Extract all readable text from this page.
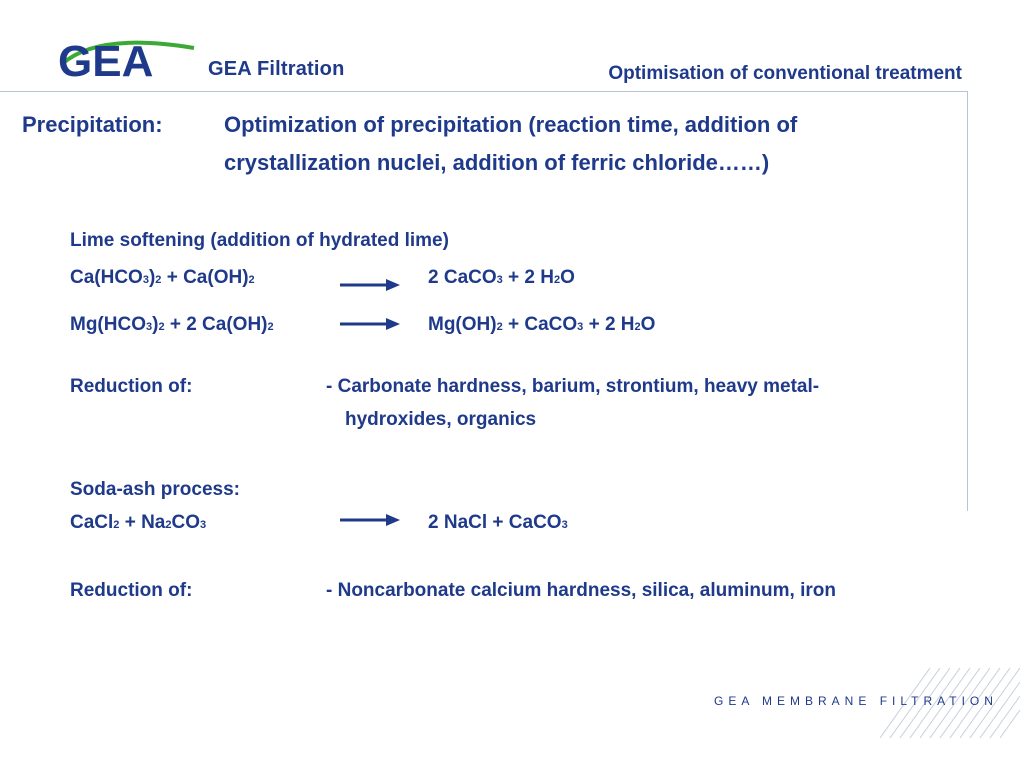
GEA	GEA Filtration	Optimisation of conventional treatment
Precipitation:	Optimization of precipitation (reaction time, addition of
crystallization nuclei, addition of ferric chloride……)
Lime softening (addition of hydrated lime)
Ca(HCO3)2 + Ca(OH)2	2 CaCO3 + 2 H2O
Mg(HCO3)2 + 2 Ca(OH)2	Mg(OH)2 + CaCO3 + 2 H2O
Reduction of:	- Carbonate hardness, barium, strontium, heavy metal-
hydroxides, organics
Soda-ash process:
CaCl2 + Na2CO3	2 NaCl + CaCO3
Reduction of:	- Noncarbonate calcium hardness, silica, aluminum, iron
GEA MEMBRANE FILTRATION
